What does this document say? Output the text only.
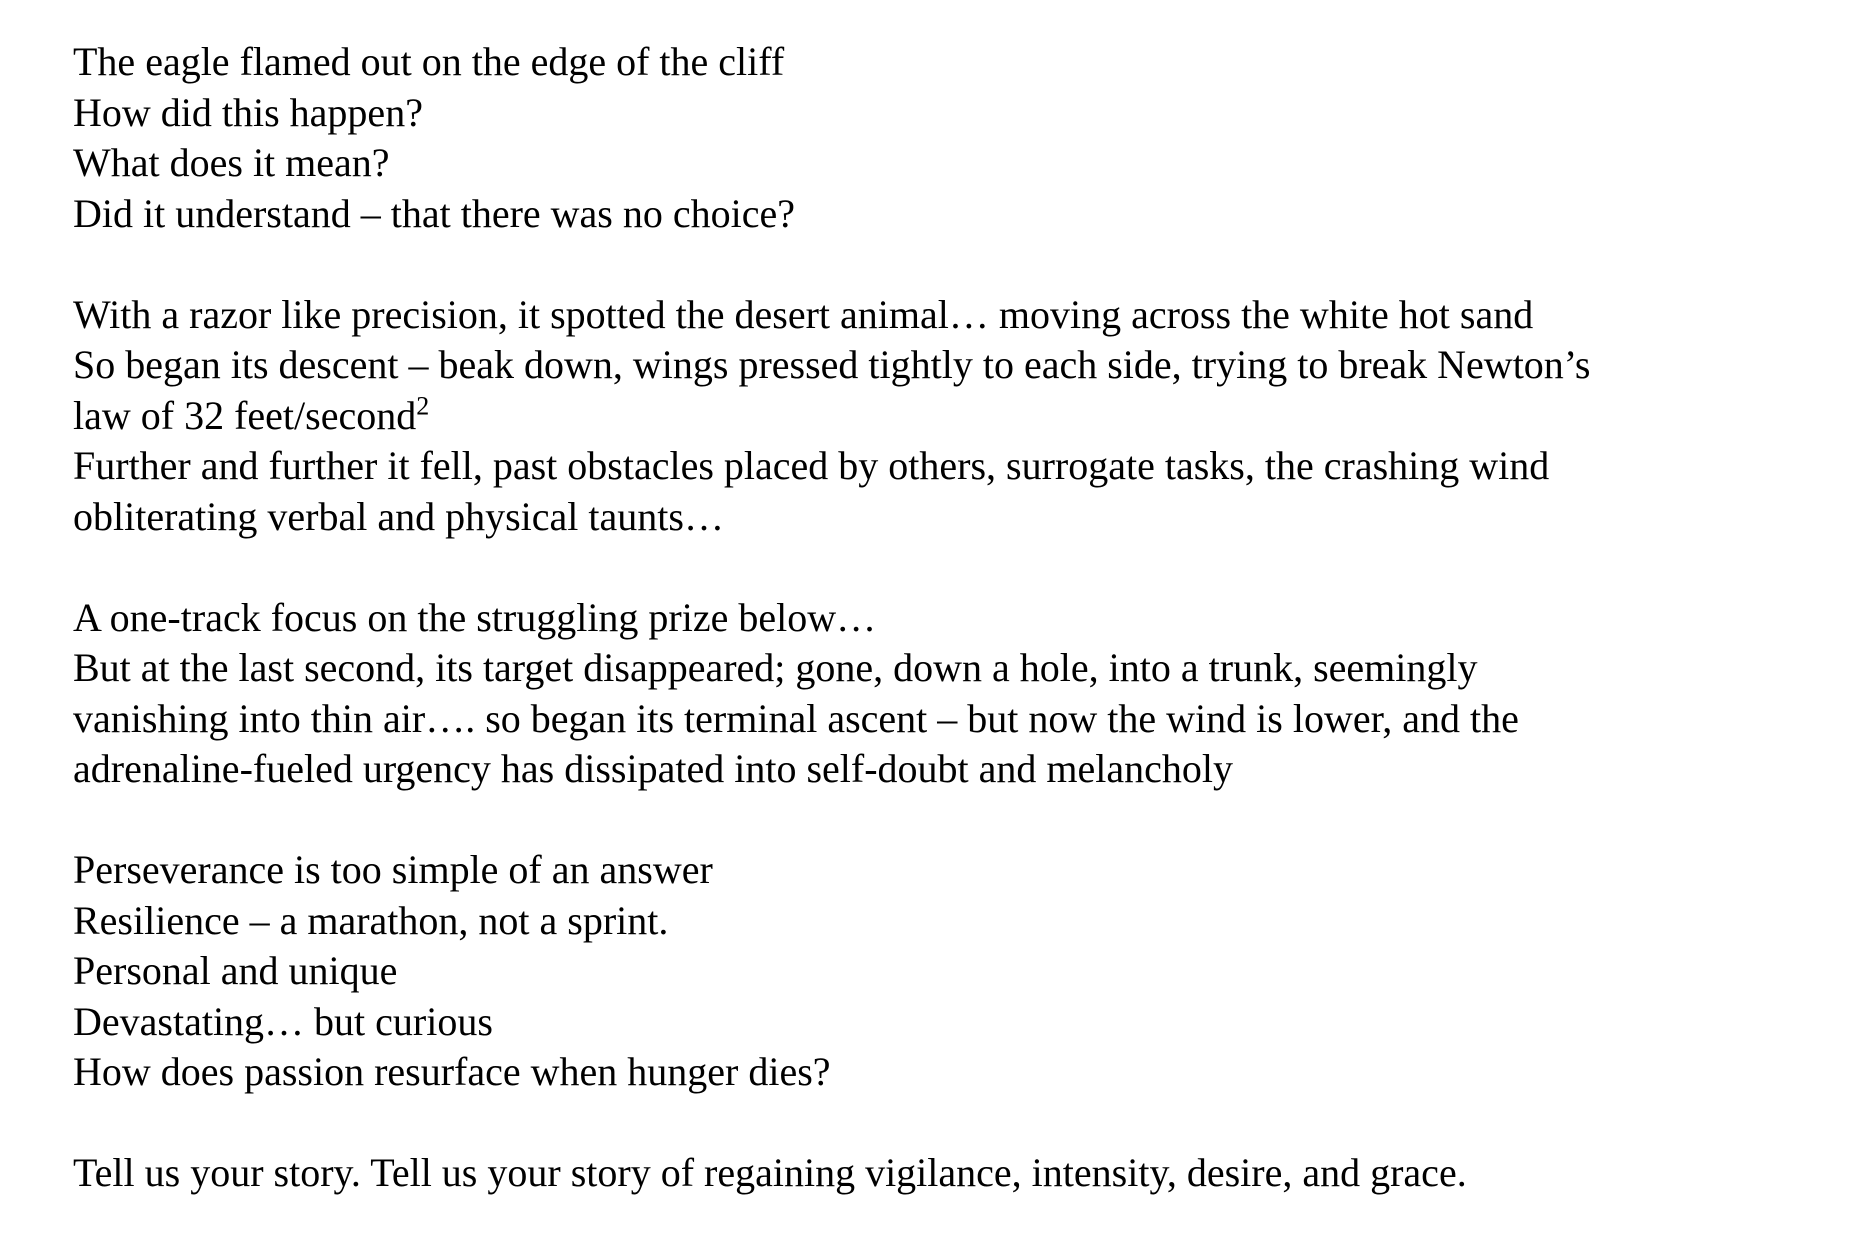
The eagle flamed out on the edge of the cliff
How did this happen?
What does it mean?
Did it understand – that there was no choice?
With a razor like precision, it spotted the desert animal… moving across the white hot sand
So began its descent – beak down, wings pressed tightly to each side, trying to break Newton’s
law of 32 feet/second$^2$
Further and further it fell, past obstacles placed by others, surrogate tasks, the crashing wind
obliterating verbal and physical taunts…
A one-track focus on the struggling prize below…
But at the last second, its target disappeared; gone, down a hole, into a trunk, seemingly
vanishing into thin air…. so began its terminal ascent – but now the wind is lower, and the
adrenaline-fueled urgency has dissipated into self-doubt and melancholy
Perseverance is too simple of an answer
Resilience – a marathon, not a sprint.
Personal and unique
Devastating… but curious
How does passion resurface when hunger dies?
Tell us your story. Tell us your story of regaining vigilance, intensity, desire, and grace.
